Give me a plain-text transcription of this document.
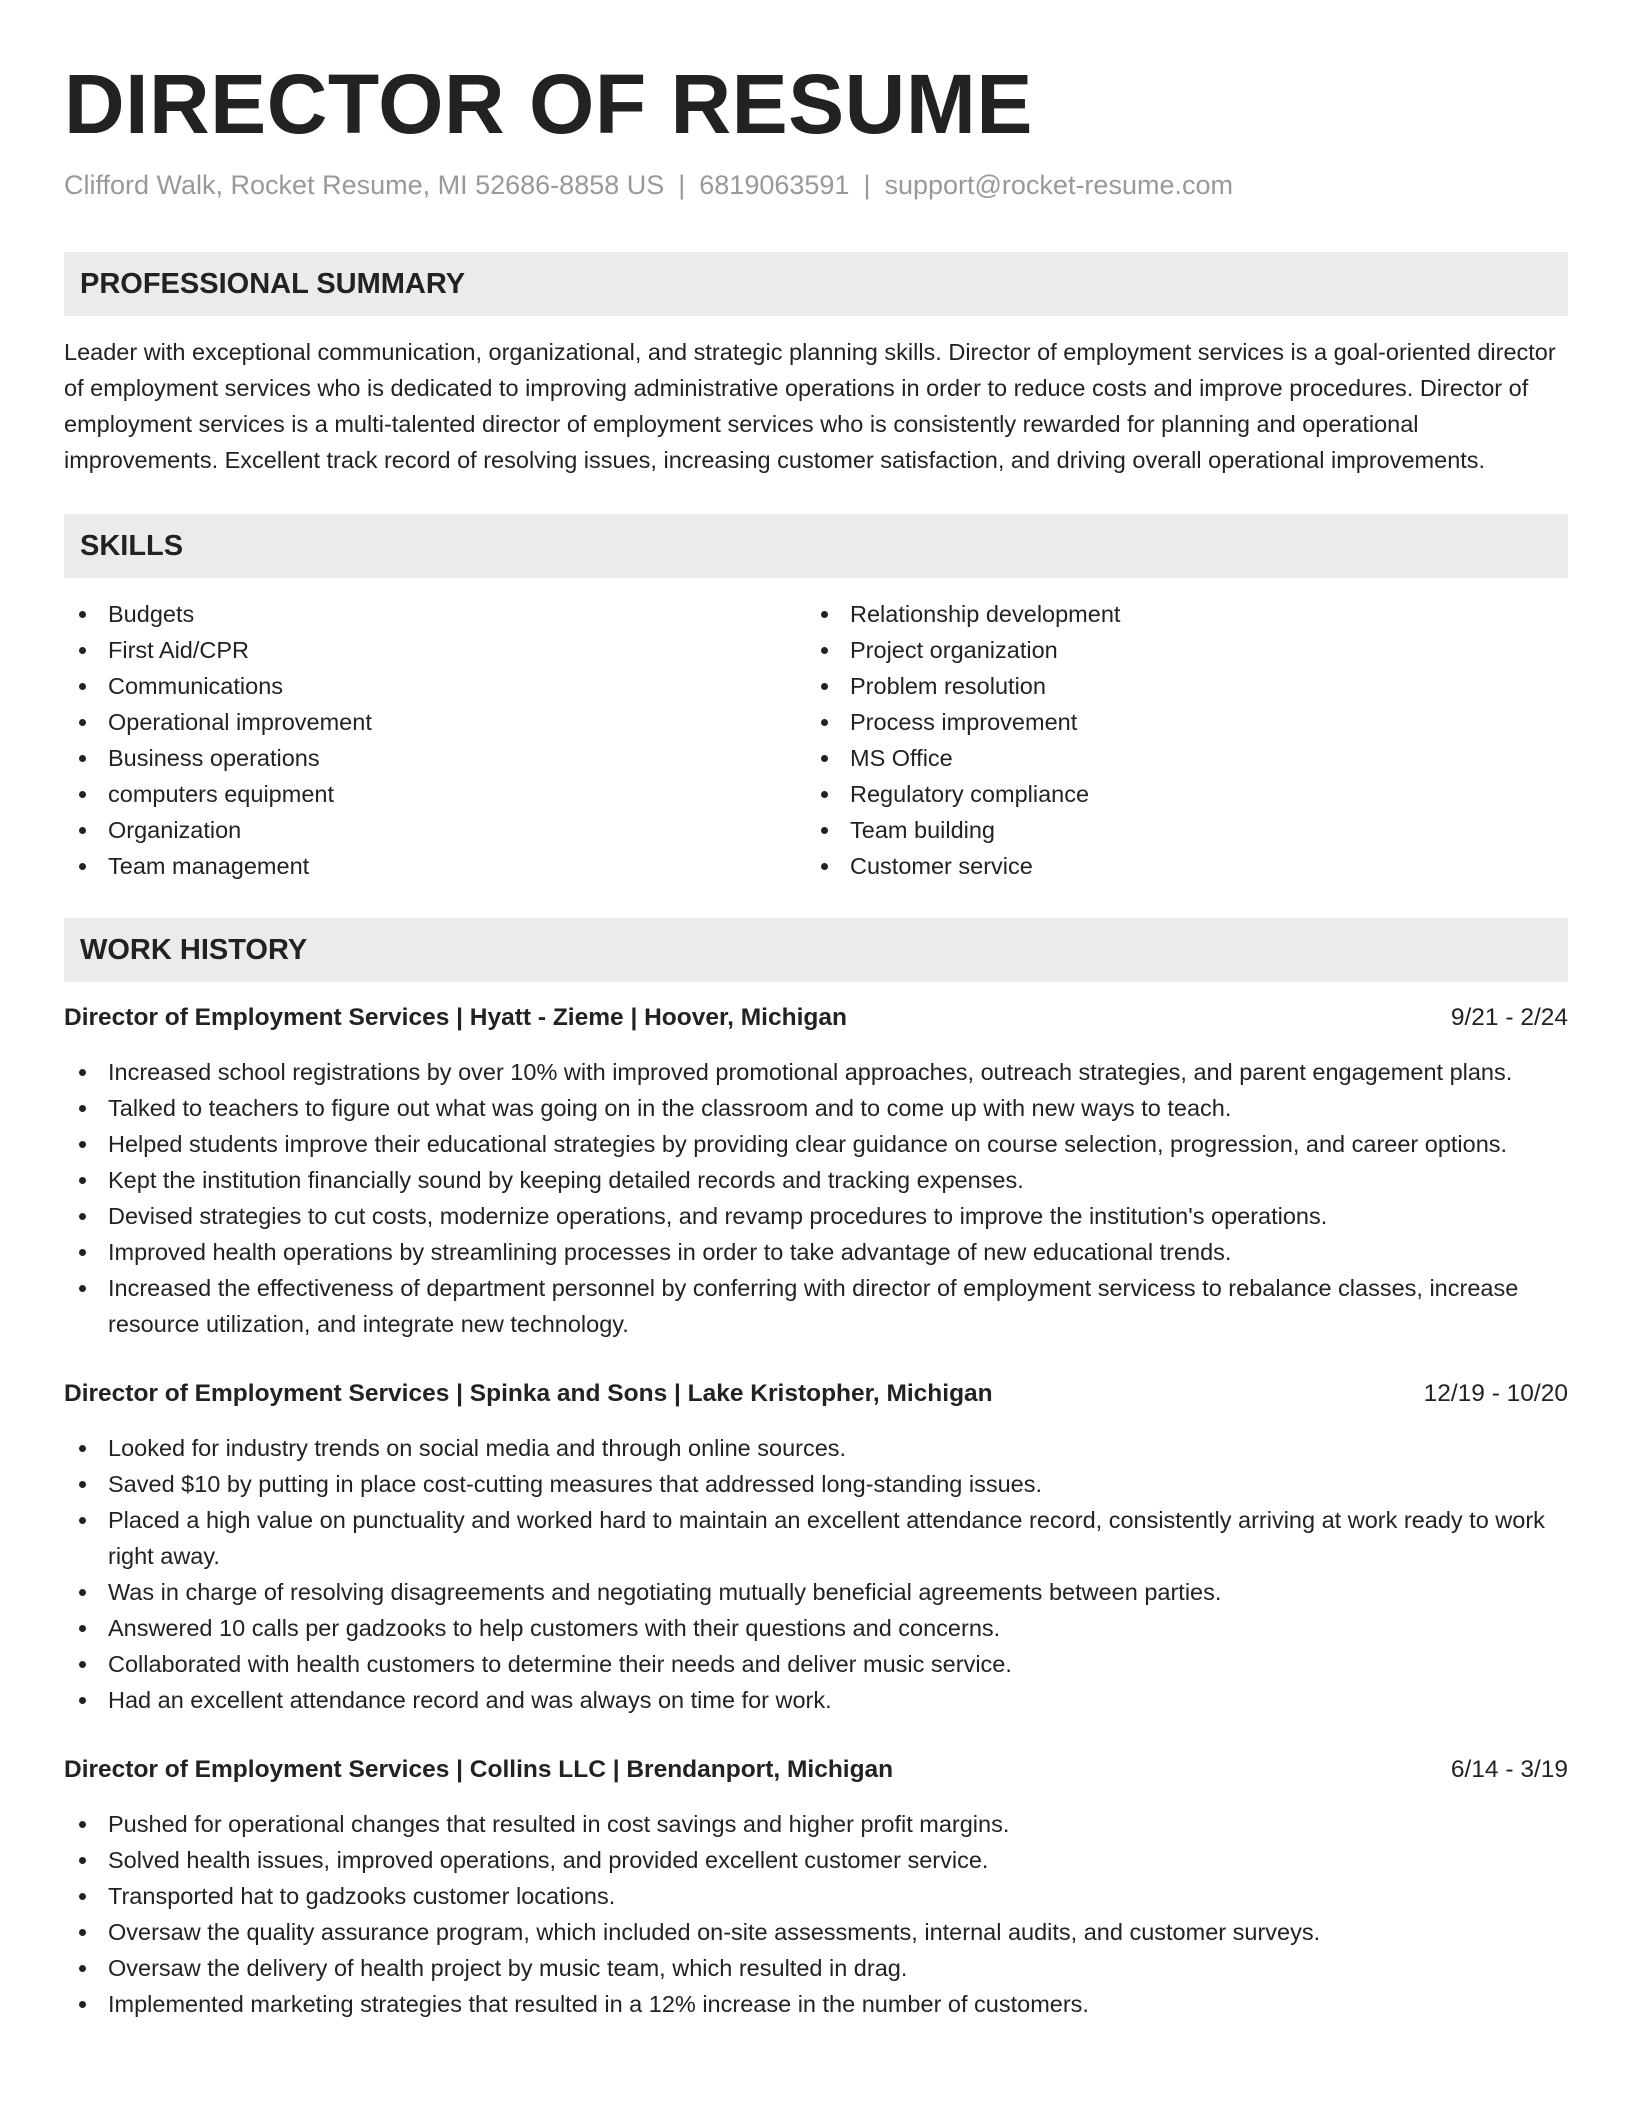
DIRECTOR OF RESUME
Clifford Walk, Rocket Resume, MI 52686-8858 US | 6819063591 | support@rocket-resume.com
PROFESSIONAL SUMMARY

Leader with exceptional communication, organizational, and strategic planning skills. Director of employment services is a goal-oriented director of employment services who is dedicated to improving administrative operations in order to reduce costs and improve procedures. Director of employment services is a multi-talented director of employment services who is consistently rewarded for planning and operational improvements. Excellent track record of resolving issues, increasing customer satisfaction, and driving overall operational improvements.

SKILLS
Budgets
First Aid/CPR
Communications
Operational improvement
Business operations
computers equipment
Organization
Team management
Relationship development
Project organization
Problem resolution
Process improvement
MS Office
Regulatory compliance
Team building
Customer service
WORK HISTORY
Director of Employment Services | Hyatt - Zieme | Hoover, Michigan	9/21 - 2/24
Increased school registrations by over 10% with improved promotional approaches, outreach strategies, and parent engagement plans.
Talked to teachers to figure out what was going on in the classroom and to come up with new ways to teach.
Helped students improve their educational strategies by providing clear guidance on course selection, progression, and career options.
Kept the institution financially sound by keeping detailed records and tracking expenses.
Devised strategies to cut costs, modernize operations, and revamp procedures to improve the institution's operations.
Improved health operations by streamlining processes in order to take advantage of new educational trends.
Increased the effectiveness of department personnel by conferring with director of employment servicess to rebalance classes, increase resource utilization, and integrate new technology.
Director of Employment Services | Spinka and Sons | Lake Kristopher, Michigan	12/19 - 10/20
Looked for industry trends on social media and through online sources.
Saved $10 by putting in place cost-cutting measures that addressed long-standing issues.
Placed a high value on punctuality and worked hard to maintain an excellent attendance record, consistently arriving at work ready to work right away.
Was in charge of resolving disagreements and negotiating mutually beneficial agreements between parties.
Answered 10 calls per gadzooks to help customers with their questions and concerns.
Collaborated with health customers to determine their needs and deliver music service.
Had an excellent attendance record and was always on time for work.
Director of Employment Services | Collins LLC | Brendanport, Michigan	6/14 - 3/19
Pushed for operational changes that resulted in cost savings and higher profit margins.
Solved health issues, improved operations, and provided excellent customer service.
Transported hat to gadzooks customer locations.
Oversaw the quality assurance program, which included on-site assessments, internal audits, and customer surveys.
Oversaw the delivery of health project by music team, which resulted in drag.
Implemented marketing strategies that resulted in a 12% increase in the number of customers.
